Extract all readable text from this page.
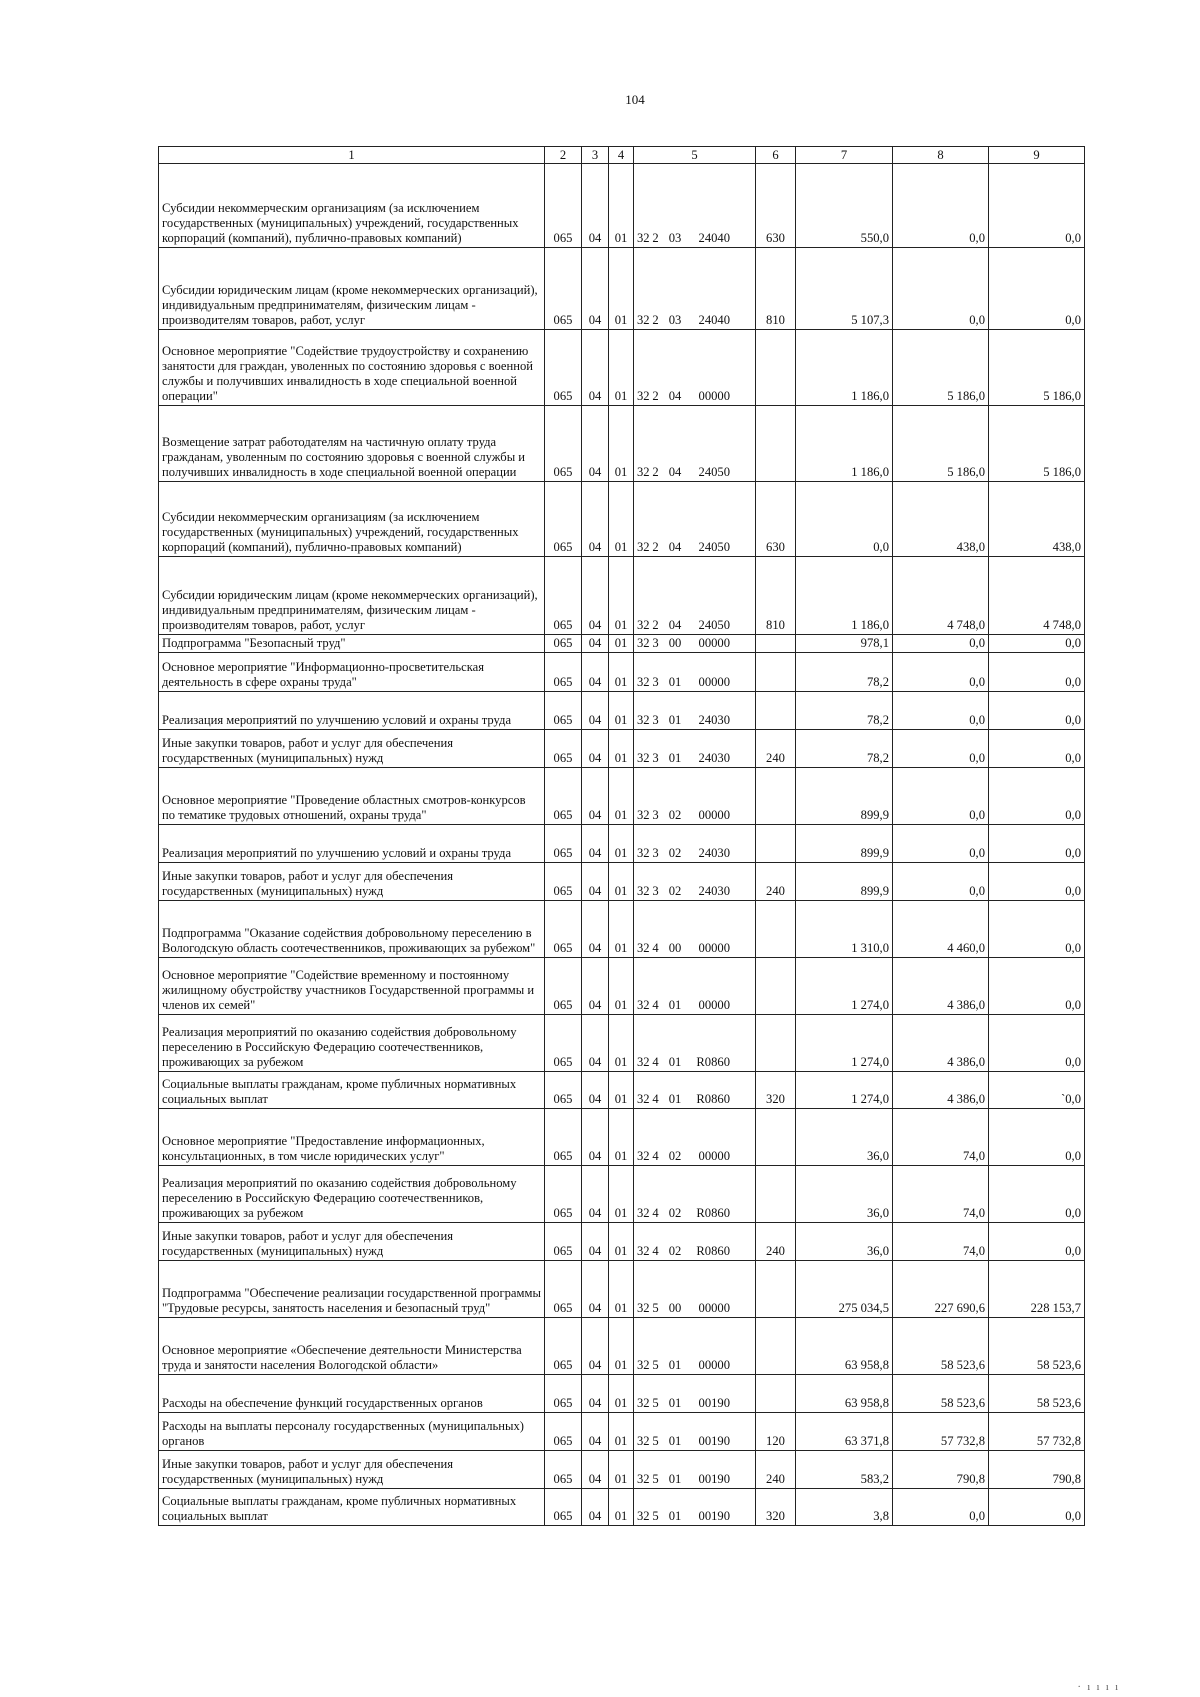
104
1	2	3	4	5	6	7	8	9
Субсидии некоммерческим организациям (за исключением государственных (муниципальных) учреждений, государственных корпораций (компаний), публично-правовых компаний)	065	04	01	32 2 03 24040	630	550,0	0,0	0,0
Субсидии юридическим лицам (кроме некоммерческих организаций), индивидуальным предпринимателям, физическим лицам - производителям товаров, работ, услуг	065	04	01	32 2 03 24040	810	5 107,3	0,0	0,0
Основное мероприятие "Содействие трудоустройству и сохранению занятости для граждан, уволенных по состоянию здоровья с военной службы и получивших инвалидность в ходе специальной военной операции"	065	04	01	32 2 04 00000		1 186,0	5 186,0	5 186,0
Возмещение затрат работодателям на частичную оплату труда гражданам, уволенным по состоянию здоровья с военной службы и получивших инвалидность в ходе специальной военной операции	065	04	01	32 2 04 24050		1 186,0	5 186,0	5 186,0
Субсидии некоммерческим организациям (за исключением государственных (муниципальных) учреждений, государственных корпораций (компаний), публично-правовых компаний)	065	04	01	32 2 04 24050	630	0,0	438,0	438,0
Субсидии юридическим лицам (кроме некоммерческих организаций), индивидуальным предпринимателям, физическим лицам - производителям товаров, работ, услуг	065	04	01	32 2 04 24050	810	1 186,0	4 748,0	4 748,0
Подпрограмма "Безопасный труд"	065	04	01	32 3 00 00000		978,1	0,0	0,0
Основное мероприятие "Информационно-просветительская деятельность в сфере охраны труда"	065	04	01	32 3 01 00000		78,2	0,0	0,0
Реализация мероприятий по улучшению условий и охраны труда	065	04	01	32 3 01 24030		78,2	0,0	0,0
Иные закупки товаров, работ и услуг для обеспечения государственных (муниципальных) нужд	065	04	01	32 3 01 24030	240	78,2	0,0	0,0
Основное мероприятие "Проведение областных смотров-конкурсов по тематике трудовых отношений, охраны труда"	065	04	01	32 3 02 00000		899,9	0,0	0,0
Реализация мероприятий по улучшению условий и охраны труда	065	04	01	32 3 02 24030		899,9	0,0	0,0
Иные закупки товаров, работ и услуг для обеспечения государственных (муниципальных) нужд	065	04	01	32 3 02 24030	240	899,9	0,0	0,0
Подпрограмма "Оказание содействия добровольному переселению в Вологодскую область соотечественников, проживающих за рубежом"	065	04	01	32 4 00 00000		1 310,0	4 460,0	0,0
Основное мероприятие "Содействие временному и постоянному жилищному обустройству участников Государственной программы и членов их семей"	065	04	01	32 4 01 00000		1 274,0	4 386,0	0,0
Реализация мероприятий по оказанию содействия добровольному переселению в Российскую Федерацию соотечественников, проживающих за рубежом	065	04	01	32 4 01 R0860		1 274,0	4 386,0	0,0
Социальные выплаты гражданам, кроме публичных нормативных социальных выплат	065	04	01	32 4 01 R0860	320	1 274,0	4 386,0	`0,0
Основное мероприятие "Предоставление информационных, консультационных, в том числе юридических услуг"	065	04	01	32 4 02 00000		36,0	74,0	0,0
Реализация мероприятий по оказанию содействия добровольному переселению в Российскую Федерацию соотечественников, проживающих за рубежом	065	04	01	32 4 02 R0860		36,0	74,0	0,0
Иные закупки товаров, работ и услуг для обеспечения государственных (муниципальных) нужд	065	04	01	32 4 02 R0860	240	36,0	74,0	0,0
Подпрограмма "Обеспечение реализации государственной программы "Трудовые ресурсы, занятость населения и безопасный труд"	065	04	01	32 5 00 00000		275 034,5	227 690,6	228 153,7
Основное мероприятие «Обеспечение деятельности Министерства труда и занятости населения Вологодской области»	065	04	01	32 5 01 00000		63 958,8	58 523,6	58 523,6
Расходы на обеспечение функций государственных органов	065	04	01	32 5 01 00190		63 958,8	58 523,6	58 523,6
Расходы на выплаты персоналу государственных (муниципальных) органов	065	04	01	32 5 01 00190	120	63 371,8	57 732,8	57 732,8
Иные закупки товаров, работ и услуг для обеспечения государственных (муниципальных) нужд	065	04	01	32 5 01 00190	240	583,2	790,8	790,8
Социальные выплаты гражданам, кроме публичных нормативных социальных выплат	065	04	01	32 5 01 00190	320	3,8	0,0	0,0
· ı ı ı ı
